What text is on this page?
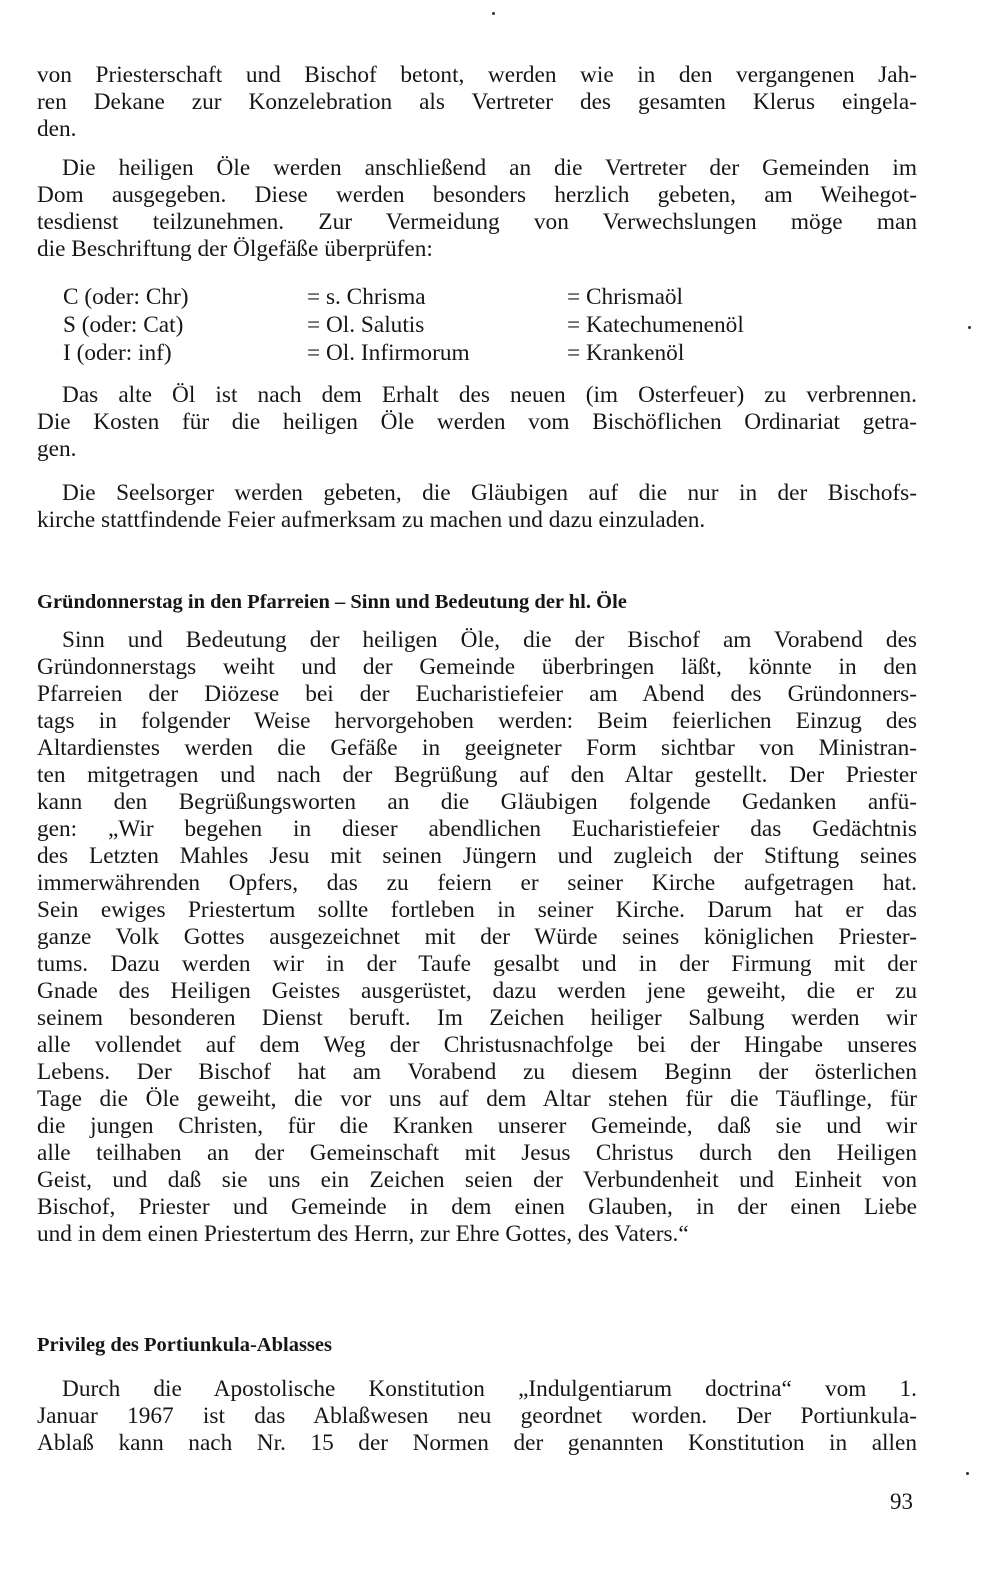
von Priesterschaft und Bischof betont, werden wie in den vergangenen Jah-
ren Dekane zur Konzelebration als Vertreter des gesamten Klerus eingela-
den.
Die heiligen Öle werden anschließend an die Vertreter der Gemeinden im
Dom ausgegeben. Diese werden besonders herzlich gebeten, am Weihegot-
tesdienst teilzunehmen. Zur Vermeidung von Verwechslungen möge man
die Beschriftung der Ölgefäße überprüfen:
C (oder: Chr)	= s. Chrisma	= Chrismaöl
S (oder: Cat)	= Ol. Salutis	= Katechumenenöl
I (oder: inf)	= Ol. Infirmorum	= Krankenöl
Das alte Öl ist nach dem Erhalt des neuen (im Osterfeuer) zu verbrennen.
Die Kosten für die heiligen Öle werden vom Bischöflichen Ordinariat getra-
gen.
Die Seelsorger werden gebeten, die Gläubigen auf die nur in der Bischofs-
kirche stattfindende Feier aufmerksam zu machen und dazu einzuladen.
Gründonnerstag in den Pfarreien – Sinn und Bedeutung der hl. Öle
Sinn und Bedeutung der heiligen Öle, die der Bischof am Vorabend des
Gründonnerstags weiht und der Gemeinde überbringen läßt, könnte in den
Pfarreien der Diözese bei der Eucharistiefeier am Abend des Gründonners-
tags in folgender Weise hervorgehoben werden: Beim feierlichen Einzug des
Altardienstes werden die Gefäße in geeigneter Form sichtbar von Ministran-
ten mitgetragen und nach der Begrüßung auf den Altar gestellt. Der Priester
kann den Begrüßungsworten an die Gläubigen folgende Gedanken anfü-
gen: „Wir begehen in dieser abendlichen Eucharistiefeier das Gedächtnis
des Letzten Mahles Jesu mit seinen Jüngern und zugleich der Stiftung seines
immerwährenden Opfers, das zu feiern er seiner Kirche aufgetragen hat.
Sein ewiges Priestertum sollte fortleben in seiner Kirche. Darum hat er das
ganze Volk Gottes ausgezeichnet mit der Würde seines königlichen Priester-
tums. Dazu werden wir in der Taufe gesalbt und in der Firmung mit der
Gnade des Heiligen Geistes ausgerüstet, dazu werden jene geweiht, die er zu
seinem besonderen Dienst beruft. Im Zeichen heiliger Salbung werden wir
alle vollendet auf dem Weg der Christusnachfolge bei der Hingabe unseres
Lebens. Der Bischof hat am Vorabend zu diesem Beginn der österlichen
Tage die Öle geweiht, die vor uns auf dem Altar stehen für die Täuflinge, für
die jungen Christen, für die Kranken unserer Gemeinde, daß sie und wir
alle teilhaben an der Gemeinschaft mit Jesus Christus durch den Heiligen
Geist, und daß sie uns ein Zeichen seien der Verbundenheit und Einheit von
Bischof, Priester und Gemeinde in dem einen Glauben, in der einen Liebe
und in dem einen Priestertum des Herrn, zur Ehre Gottes, des Vaters.“
Privileg des Portiunkula-Ablasses
Durch die Apostolische Konstitution „Indulgentiarum doctrina“ vom 1.
Januar 1967 ist das Ablaßwesen neu geordnet worden. Der Portiunkula-
Ablaß kann nach Nr. 15 der Normen der genannten Konstitution in allen
93
